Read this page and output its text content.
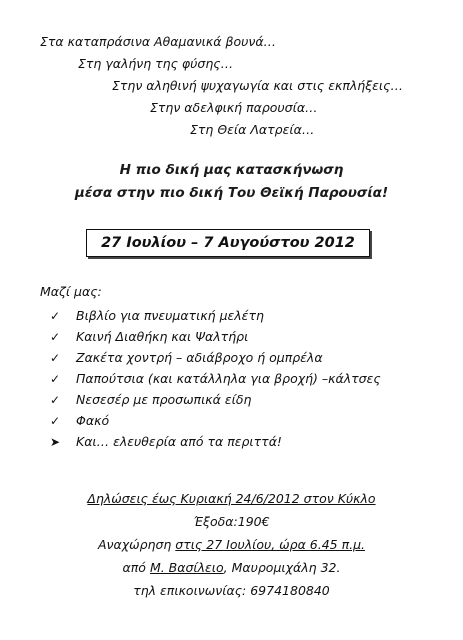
Στα καταπράσινα Αθαμανικά βουνά…
Στη γαλήνη της φύσης…
Στην αληθινή ψυχαγωγία και στις εκπλήξεις…
Στην αδελφική παρουσία…
Στη Θεία Λατρεία…
Η πιο δική μας κατασκήνωση
μέσα στην πιο δική Του Θεϊκή Παρουσία!
27 Ιουλίου – 7 Αυγούστου 2012
Μαζί μας:
✓	Βιβλίο για πνευματική μελέτη
✓	Καινή Διαθήκη και Ψαλτήρι
✓	Ζακέτα χοντρή – αδιάβροχο ή ομπρέλα
✓	Παπούτσια (και κατάλληλα για βροχή) –κάλτσες
✓	Νεσεσέρ με προσωπικά είδη
✓	Φακό
➤	Και… ελευθερία από τα περιττά!
Δηλώσεις έως Κυριακή 24/6/2012 στον Κύκλο
Έξοδα:190€
Αναχώρηση στις 27 Ιουλίου, ώρα 6.45 π.μ.
από Μ. Βασίλειο, Μαυρομιχάλη 32.
τηλ επικοινωνίας: 6974180840
